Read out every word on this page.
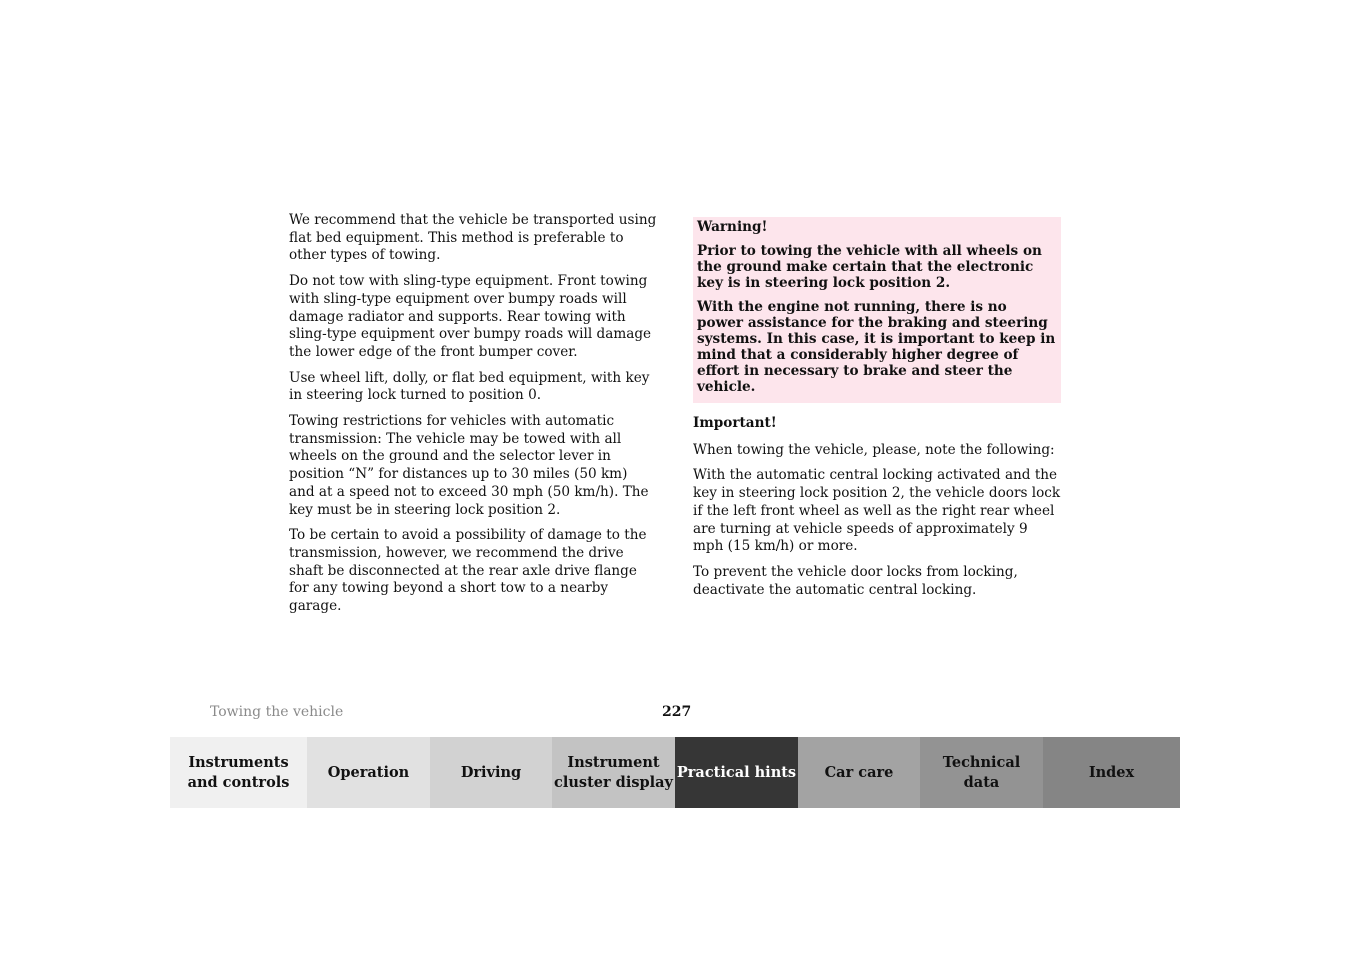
We recommend that the vehicle be transported using flat bed equipment. This method is preferable to other types of towing.

Do not tow with sling-type equipment. Front towing with sling-type equipment over bumpy roads will damage radiator and supports. Rear towing with sling-type equipment over bumpy roads will damage the lower edge of the front bumper cover.

Use wheel lift, dolly, or flat bed equipment, with key in steering lock turned to position 0.

Towing restrictions for vehicles with automatic transmission: The vehicle may be towed with all wheels on the ground and the selector lever in position “N” for distances up to 30 miles (50 km) and at a speed not to exceed 30 mph (50 km/h). The key must be in steering lock position 2.

To be certain to avoid a possibility of damage to the transmission, however, we recommend the drive shaft be disconnected at the rear axle drive flange for any towing beyond a short tow to a nearby garage.

Warning!

Prior to towing the vehicle with all wheels on the ground make certain that the electronic key is in steering lock position 2.

With the engine not running, there is no power assistance for the braking and steering systems. In this case, it is important to keep in mind that a considerably higher degree of effort in necessary to brake and steer the vehicle.

Important!

When towing the vehicle, please, note the following:

With the automatic central locking activated and the key in steering lock position 2, the vehicle doors lock if the left front wheel as well as the right rear wheel are turning at vehicle speeds of approximately 9 mph (15 km/h) or more.

To prevent the vehicle door locks from locking, deactivate the automatic central locking.

Towing the vehicle	227
Instruments
and controls
Operation	Driving
Instrument
cluster display
Practical hints Car care
Technical
data
Index
